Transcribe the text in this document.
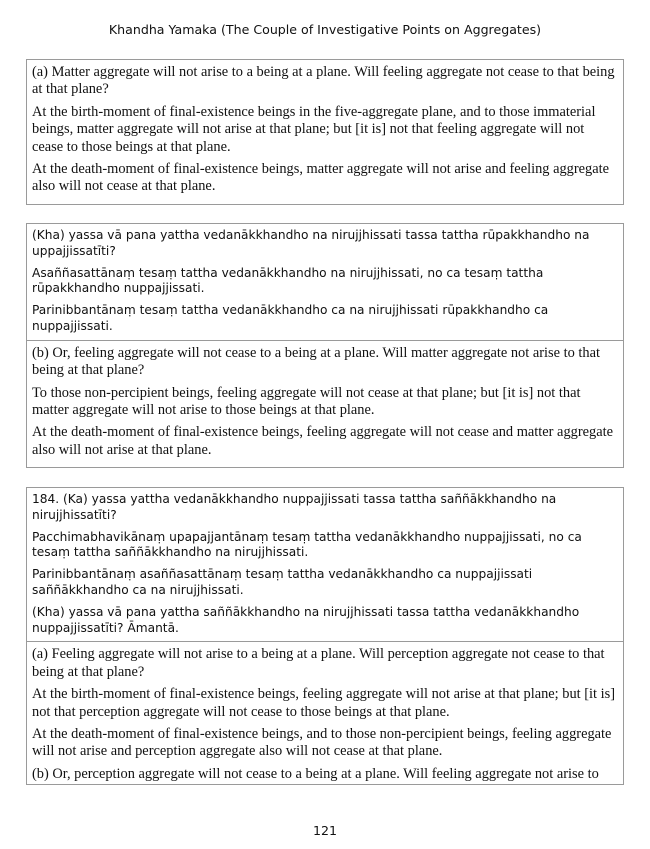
Khandha Yamaka (The Couple of Investigative Points on Aggregates)

(a) Matter aggregate will not arise to a being at a plane. Will feeling aggregate not cease to that being at that plane?

At the birth-moment of final-existence beings in the five-aggregate plane, and to those immaterial beings, matter aggregate will not arise at that plane; but [it is] not that feeling aggregate will not cease to those beings at that plane.

At the death-moment of final-existence beings, matter aggregate will not arise and feeling aggregate also will not cease at that plane.

(Kha) yassa vā pana yattha vedanākkhandho na nirujjhissati tassa tattha rūpakkhandho na uppajjissatīti?

Asaññasattānaṃ tesaṃ tattha vedanākkhandho na nirujjhissati, no ca tesaṃ tattha rūpakkhandho nuppajjissati.

Parinibbantānaṃ tesaṃ tattha vedanākkhandho ca na nirujjhissati rūpakkhandho ca nuppajjissati.

(b) Or, feeling aggregate will not cease to a being at a plane. Will matter aggregate not arise to that being at that plane?

To those non-percipient beings, feeling aggregate will not cease at that plane; but [it is] not that matter aggregate will not arise to those beings at that plane.

At the death-moment of final-existence beings, feeling aggregate will not cease and matter aggregate also will not arise at that plane.

184. (Ka) yassa yattha vedanākkhandho nuppajjissati tassa tattha saññākkhandho na nirujjhissatīti?

Pacchimabhavikānaṃ upapajjantānaṃ tesaṃ tattha vedanākkhandho nuppajjissati, no ca tesaṃ tattha saññākkhandho na nirujjhissati.

Parinibbantānaṃ asaññasattānaṃ tesaṃ tattha vedanākkhandho ca nuppajjissati saññākkhandho ca na nirujjhissati.

(Kha) yassa vā pana yattha saññākkhandho na nirujjhissati tassa tattha vedanākkhandho nuppajjissatīti? Āmantā.

(a) Feeling aggregate will not arise to a being at a plane. Will perception aggregate not cease to that being at that plane?

At the birth-moment of final-existence beings, feeling aggregate will not arise at that plane; but [it is] not that perception aggregate will not cease to those beings at that plane.

At the death-moment of final-existence beings, and to those non-percipient beings, feeling aggregate will not arise and perception aggregate also will not cease at that plane.

(b) Or, perception aggregate will not cease to a being at a plane. Will feeling aggregate not arise to

121
